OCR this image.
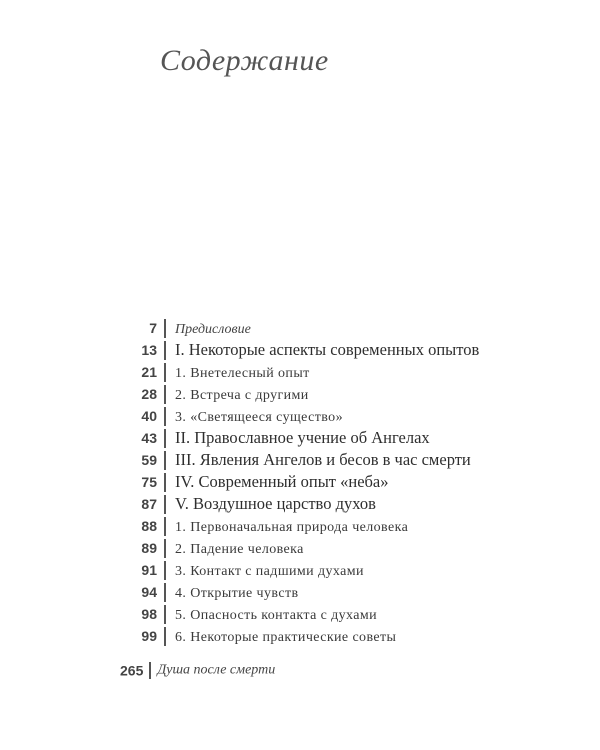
Содержание
7 Предисловие
13 I. Некоторые аспекты современных опытов
21 1. Внетелесный опыт
28 2. Встреча с другими
40 3. «Светящееся существо»
43 II. Православное учение об Ангелах
59 III. Явления Ангелов и бесов в час смерти
75 IV. Современный опыт «неба»
87 V. Воздушное царство духов
88 1. Первоначальная природа человека
89 2. Падение человека
91 3. Контакт с падшими духами
94 4. Открытие чувств
98 5. Опасность контакта с духами
99 6. Некоторые практические советы
265 Душа после смерти
